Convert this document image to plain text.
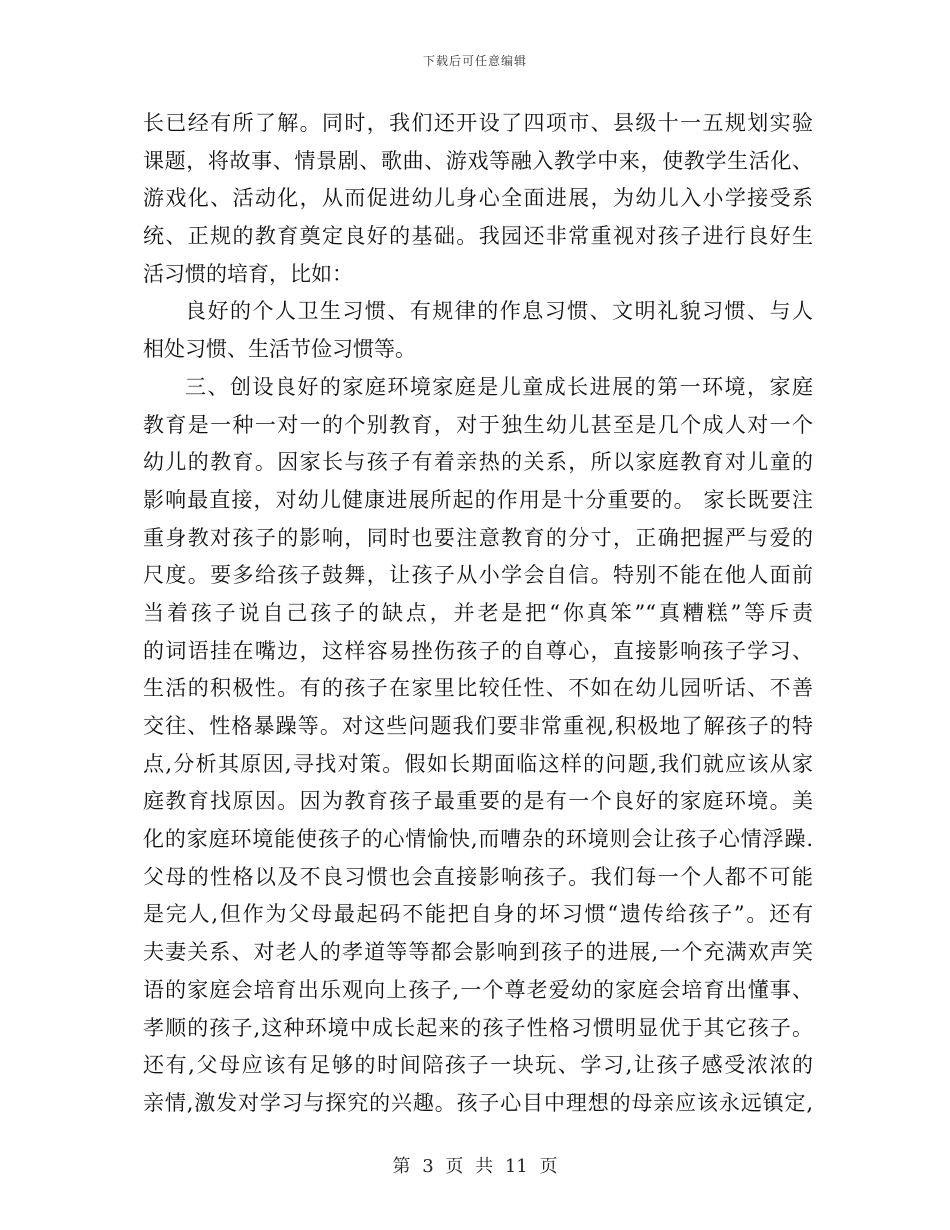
下载后可任意编辑
长已经有所了解。同时，我们还开设了四项市、县级十一五规划实验
课题，将故事、情景剧、歌曲、游戏等融入教学中来，使教学生活化、
游戏化、活动化，从而促进幼儿身心全面进展，为幼儿入小学接受系
统、正规的教育奠定良好的基础。我园还非常重视对孩子进行良好生
活习惯的培育，比如：
良好的个人卫生习惯、有规律的作息习惯、文明礼貌习惯、与人
相处习惯、生活节俭习惯等。
三、创设良好的家庭环境家庭是儿童成长进展的第一环境，家庭
教育是一种一对一的个别教育，对于独生幼儿甚至是几个成人对一个
幼儿的教育。因家长与孩子有着亲热的关系，所以家庭教育对儿童的
影响最直接，对幼儿健康进展所起的作用是十分重要的。 家长既要注
重身教对孩子的影响，同时也要注意教育的分寸，正确把握严与爱的
尺度。要多给孩子鼓舞，让孩子从小学会自信。特别不能在他人面前
当着孩子说自己孩子的缺点，并老是把“你真笨”“真糟糕”等斥责
的词语挂在嘴边，这样容易挫伤孩子的自尊心，直接影响孩子学习、
生活的积极性。有的孩子在家里比较任性、不如在幼儿园听话、不善
交往、性格暴躁等。对这些问题我们要非常重视,积极地了解孩子的特
点,分析其原因,寻找对策。假如长期面临这样的问题,我们就应该从家
庭教育找原因。因为教育孩子最重要的是有一个良好的家庭环境。美
化的家庭环境能使孩子的心情愉快,而嘈杂的环境则会让孩子心情浮躁.
父母的性格以及不良习惯也会直接影响孩子。我们每一个人都不可能
是完人,但作为父母最起码不能把自身的坏习惯“遗传给孩子”。还有
夫妻关系、对老人的孝道等等都会影响到孩子的进展,一个充满欢声笑
语的家庭会培育出乐观向上孩子,一个尊老爱幼的家庭会培育出懂事、
孝顺的孩子,这种环境中成长起来的孩子性格习惯明显优于其它孩子。
还有,父母应该有足够的时间陪孩子一块玩、学习,让孩子感受浓浓的
亲情,激发对学习与探究的兴趣。孩子心目中理想的母亲应该永远镇定,
第 3 页 共 11 页
